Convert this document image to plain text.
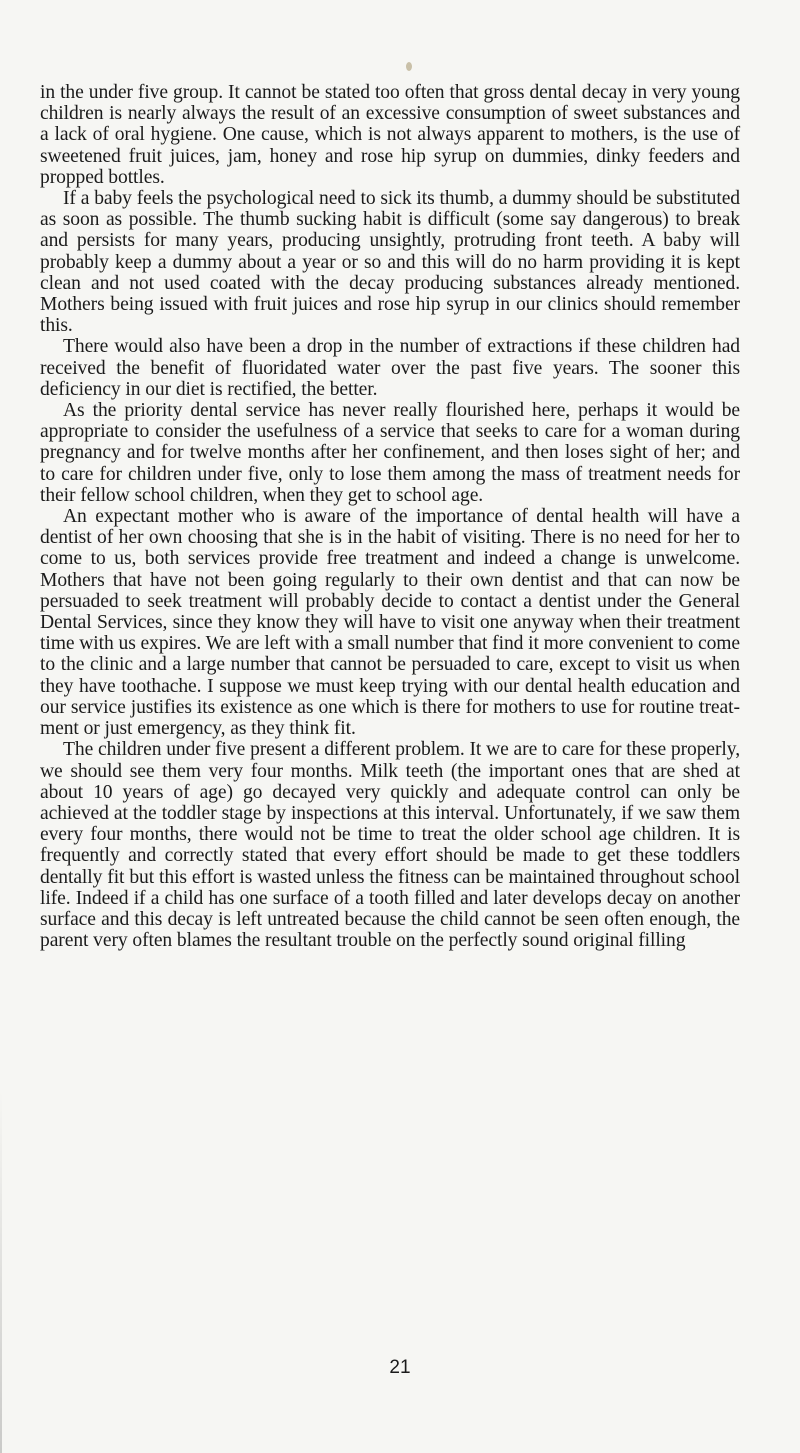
in the under five group. It cannot be stated too often that gross dental decay in very young children is nearly always the result of an excessive consumption of sweet substances and a lack of oral hygiene. One cause, which is not always apparent to mothers, is the use of sweetened fruit juices, jam, honey and rose hip syrup on dummies, dinky feeders and propped bottles.

If a baby feels the psychological need to sick its thumb, a dummy should be substituted as soon as possible. The thumb sucking habit is difficult (some say dangerous) to break and persists for many years, producing unsightly, protruding front teeth. A baby will probably keep a dummy about a year or so and this will do no harm providing it is kept clean and not used coated with the decay producing substances already mentioned. Mothers being issued with fruit juices and rose hip syrup in our clinics should remember this.

There would also have been a drop in the number of extractions if these children had received the benefit of fluoridated water over the past five years. The sooner this deficiency in our diet is rectified, the better.

As the priority dental service has never really flourished here, perhaps it would be appropriate to consider the usefulness of a service that seeks to care for a woman during pregnancy and for twelve months after her confinement, and then loses sight of her; and to care for children under five, only to lose them among the mass of treatment needs for their fellow school children, when they get to school age.

An expectant mother who is aware of the importance of dental health will have a dentist of her own choosing that she is in the habit of visiting. There is no need for her to come to us, both services provide free treatment and indeed a change is unwelcome. Mothers that have not been going regularly to their own dentist and that can now be persuaded to seek treatment will probably decide to contact a dentist under the General Dental Services, since they know they will have to visit one anyway when their treatment time with us expires. We are left with a small number that find it more convenient to come to the clinic and a large number that cannot be persuaded to care, except to visit us when they have toothache. I suppose we must keep trying with our dental health education and our service justifies its existence as one which is there for mothers to use for routine treatment or just emergency, as they think fit.

The children under five present a different problem. It we are to care for these properly, we should see them very four months. Milk teeth (the important ones that are shed at about 10 years of age) go decayed very quickly and adequate control can only be achieved at the toddler stage by inspections at this interval. Unfortunately, if we saw them every four months, there would not be time to treat the older school age children. It is frequently and correctly stated that every effort should be made to get these toddlers dentally fit but this effort is wasted unless the fitness can be maintained throughout school life. Indeed if a child has one surface of a tooth filled and later develops decay on another surface and this decay is left untreated because the child cannot be seen often enough, the parent very often blames the resultant trouble on the perfectly sound original filling

21
